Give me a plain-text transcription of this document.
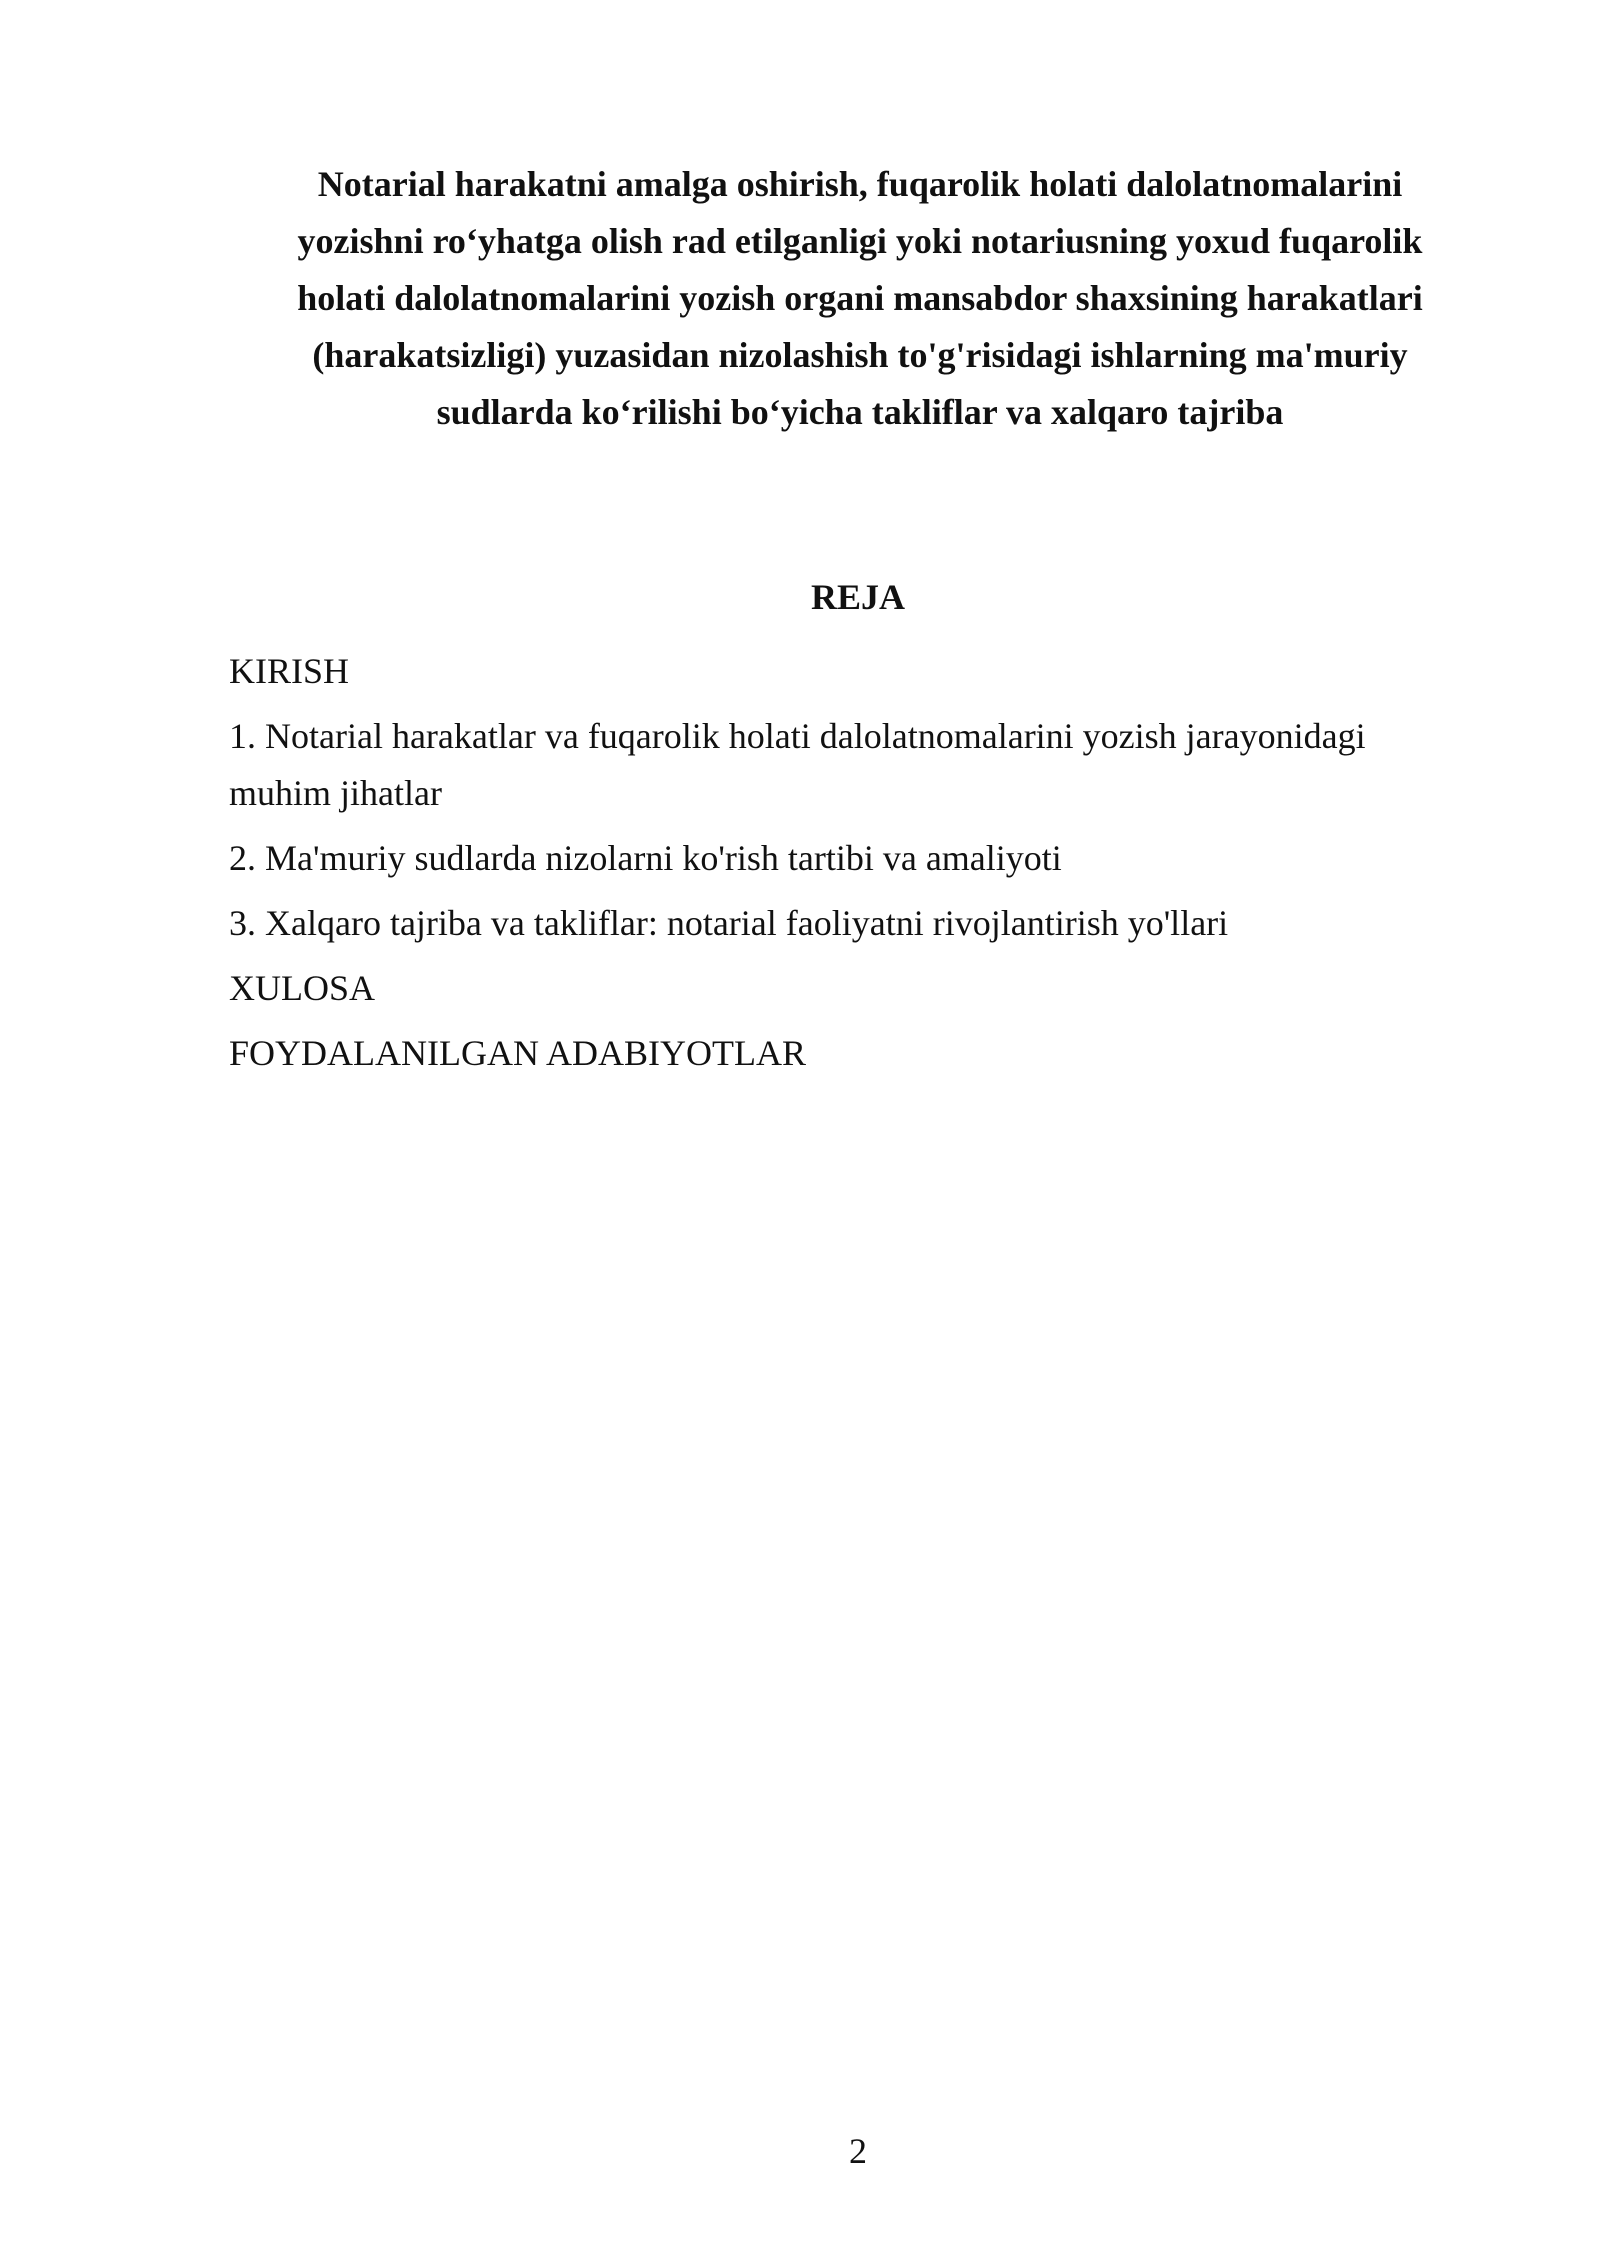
Notarial harakatni amalga oshirish, fuqarolik holati dalolatnomalarini yozishni ro‘yhatga olish rad etilganligi yoki notariusning yoxud fuqarolik holati dalolatnomalarini yozish organi mansabdor shaxsining harakatlari (harakatsizligi) yuzasidan nizolashish to'g'risidagi ishlarning ma'muriy sudlarda ko‘rilishi bo‘yicha takliflar va xalqaro tajriba
REJA
KIRISH
1. Notarial harakatlar va fuqarolik holati dalolatnomalarini yozish jarayonidagi muhim jihatlar
2. Ma'muriy sudlarda nizolarni ko'rish tartibi va amaliyoti
3. Xalqaro tajriba va takliflar: notarial faoliyatni rivojlantirish yo'llari
XULOSA
FOYDALANILGAN ADABIYOTLAR
2
